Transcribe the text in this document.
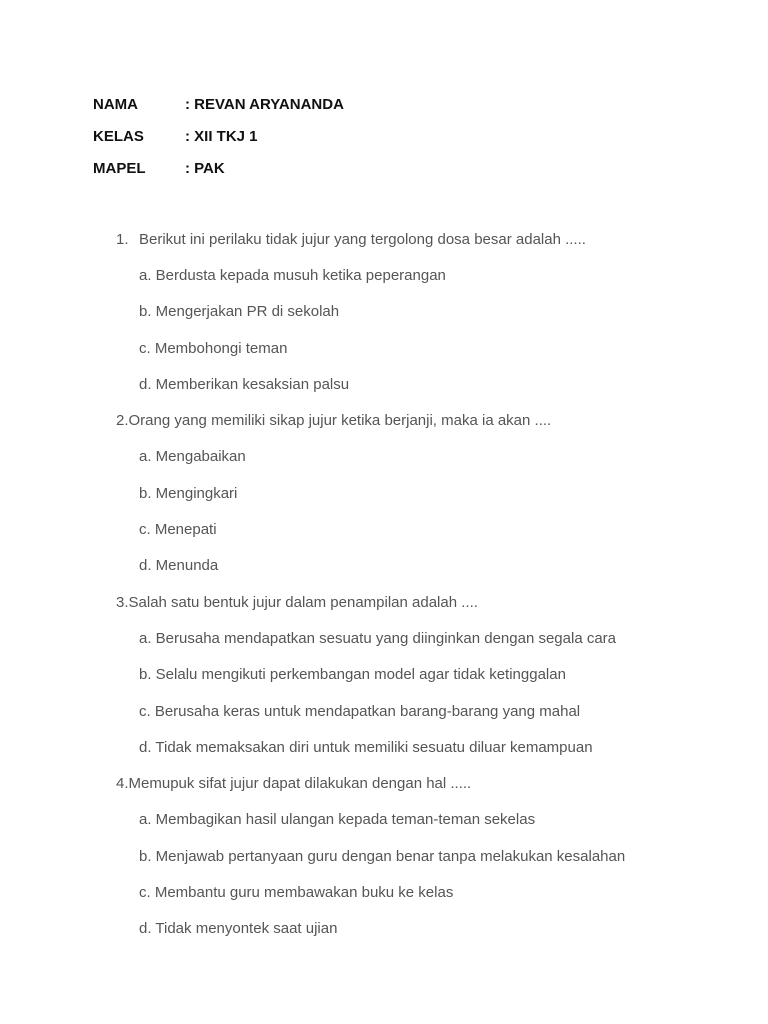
NAMA	: REVAN ARYANANDA
KELAS	: XII TKJ 1
MAPEL	: PAK
1. Berikut ini perilaku tidak jujur yang tergolong dosa besar adalah .....
a. Berdusta kepada musuh ketika peperangan
b. Mengerjakan PR di sekolah
c. Membohongi teman
d. Memberikan kesaksian palsu
2. Orang yang memiliki sikap jujur ketika berjanji, maka ia akan ....
a. Mengabaikan
b. Mengingkari
c. Menepati
d. Menunda
3. Salah satu bentuk jujur dalam penampilan adalah ....
a. Berusaha mendapatkan sesuatu yang diinginkan dengan segala cara
b. Selalu mengikuti perkembangan model agar tidak ketinggalan
c. Berusaha keras untuk mendapatkan barang-barang yang mahal
d. Tidak memaksakan diri untuk memiliki sesuatu diluar kemampuan
4. Memupuk sifat jujur dapat dilakukan dengan hal .....
a. Membagikan hasil ulangan kepada teman-teman sekelas
b. Menjawab pertanyaan guru dengan benar tanpa melakukan kesalahan
c. Membantu guru membawakan buku ke kelas
d. Tidak menyontek saat ujian
